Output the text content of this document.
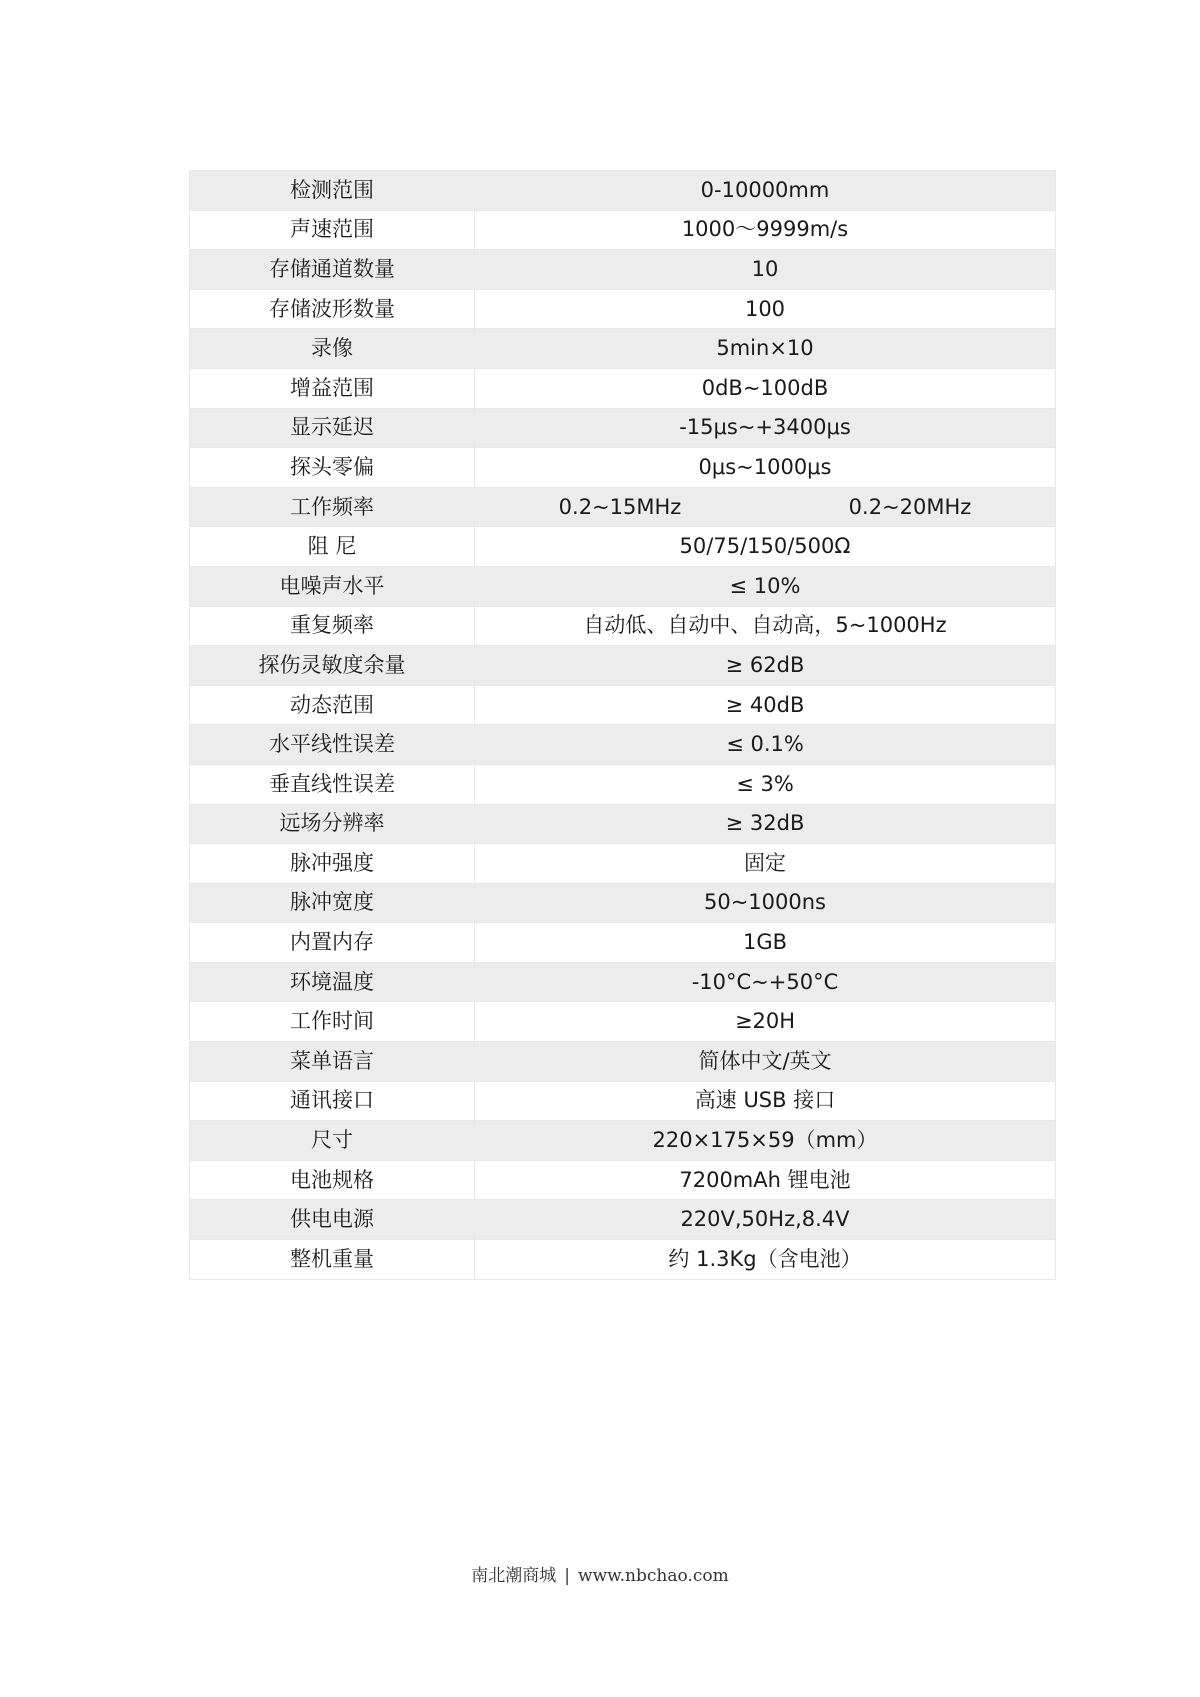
检测范围	0-10000mm
声速范围	1000～9999m/s
存储通道数量	10
存储波形数量	100
录像	5min×10
增益范围	0dB~100dB
显示延迟	-15μs~+3400μs
探头零偏	0μs~1000μs
工作频率	0.2~15MHz 0.2~20MHz

阻 尼	50/75/150/500Ω
电噪声水平	≤ 10%
重复频率	自动低、自动中、自动高，5~1000Hz
探伤灵敏度余量	≥ 62dB
动态范围	≥ 40dB
水平线性误差	≤ 0.1%
垂直线性误差	≤ 3%
远场分辨率	≥ 32dB
脉冲强度	固定
脉冲宽度	50~1000ns
内置内存	1GB
环境温度	-10°C~+50°C
工作时间	≥20H
菜单语言	简体中文/英文
通讯接口	高速 USB 接口
尺寸	220×175×59（mm）
电池规格	7200mAh 锂电池
供电电源	220V,50Hz,8.4V
整机重量	约 1.3Kg（含电池）
南北潮商城 | www.nbchao.com
